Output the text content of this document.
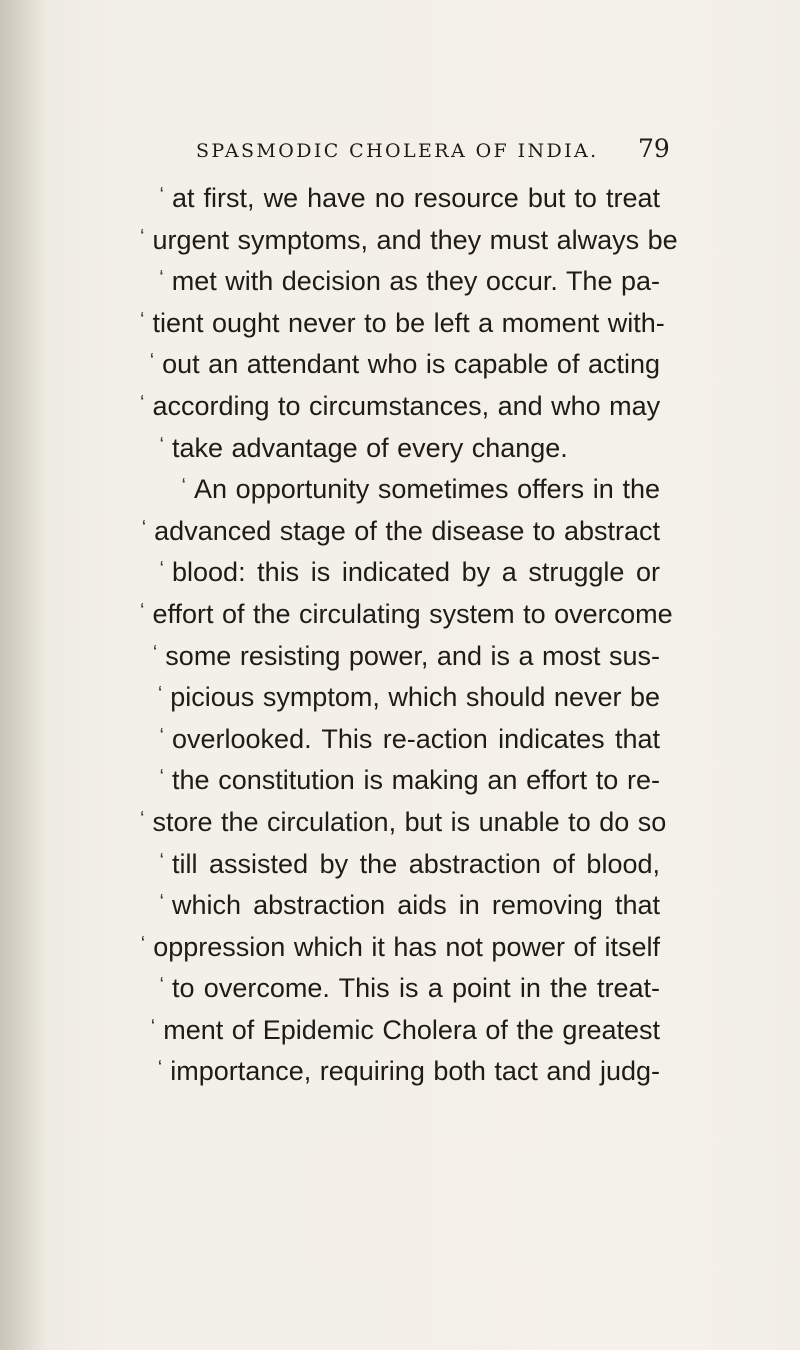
SPASMODIC CHOLERA OF INDIA. 79
‘ at first, we have no resource but to treat
‘ urgent symptoms, and they must always be
‘ met with decision as they occur. The pa-
‘ tient ought never to be left a moment with-
‘ out an attendant who is capable of acting
‘ according to circumstances, and who may
‘ take advantage of every change.
‘ An opportunity sometimes offers in the
‘ advanced stage of the disease to abstract
‘ blood: this is indicated by a struggle or
‘ effort of the circulating system to overcome
‘ some resisting power, and is a most sus-
‘ picious symptom, which should never be
‘ overlooked. This re-action indicates that
‘ the constitution is making an effort to re-
‘ store the circulation, but is unable to do so
‘ till assisted by the abstraction of blood,
‘ which abstraction aids in removing that
‘ oppression which it has not power of itself
‘ to overcome. This is a point in the treat-
‘ ment of Epidemic Cholera of the greatest
‘ importance, requiring both tact and judg-
